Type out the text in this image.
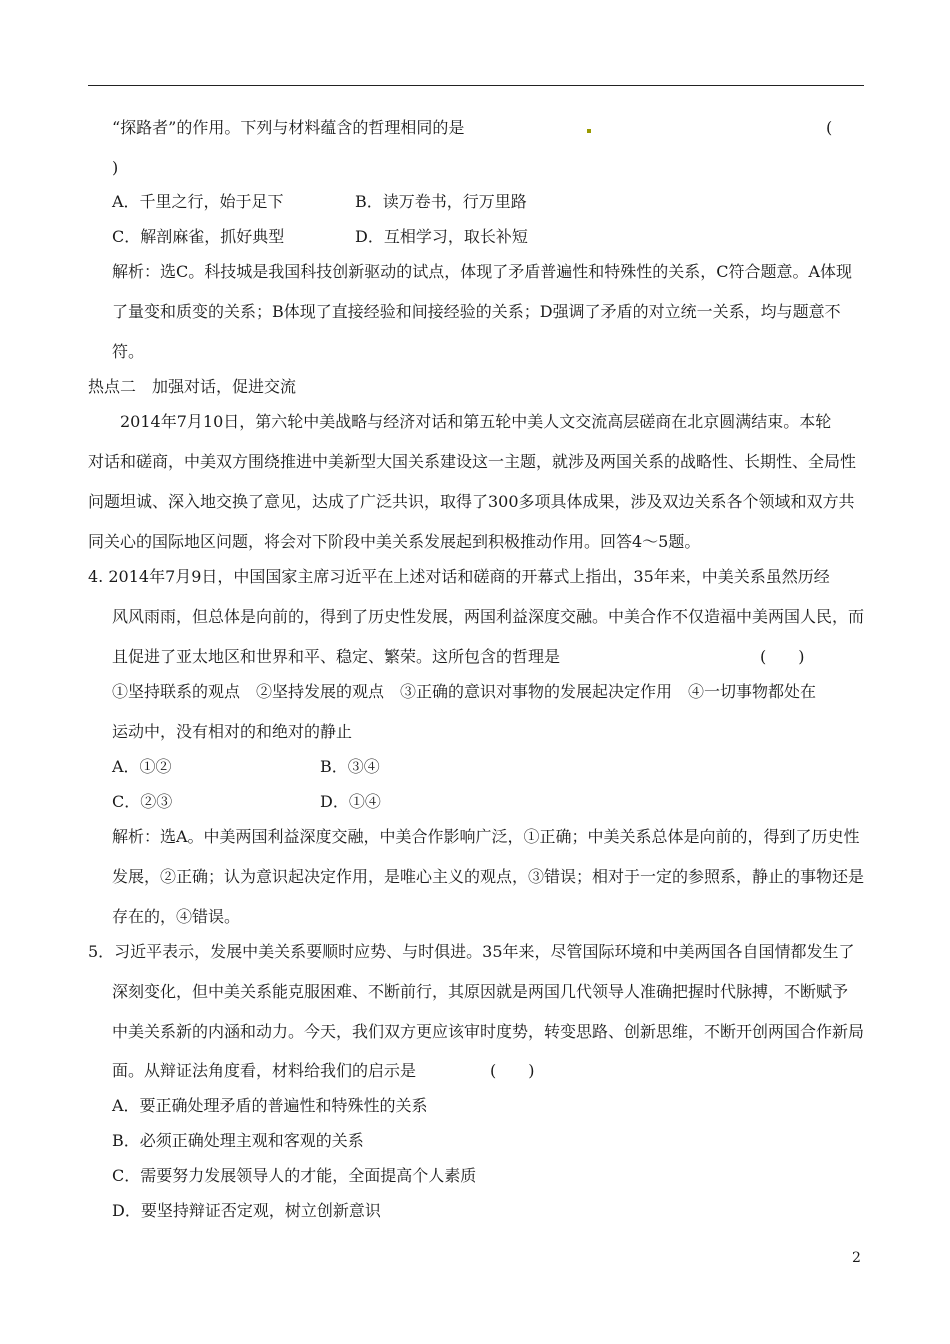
“探路者”的作用。下列与材料蕴含的哲理相同的是	(
)
A．千里之行，始于足下	B．读万卷书，行万里路
C．解剖麻雀，抓好典型	D．互相学习，取长补短
解析：选C。科技城是我国科技创新驱动的试点，体现了矛盾普遍性和特殊性的关系，C符合题意。A体现
了量变和质变的关系；B体现了直接经验和间接经验的关系；D强调了矛盾的对立统一关系，均与题意不
符。
热点二　加强对话，促进交流
2014年7月10日，第六轮中美战略与经济对话和第五轮中美人文交流高层磋商在北京圆满结束。本轮
对话和磋商，中美双方围绕推进中美新型大国关系建设这一主题，就涉及两国关系的战略性、长期性、全局性
问题坦诚、深入地交换了意见，达成了广泛共识，取得了300多项具体成果，涉及双边关系各个领域和双方共
同关心的国际地区问题，将会对下阶段中美关系发展起到积极推动作用。回答4～5题。
4. 2014年7月9日，中国国家主席习近平在上述对话和磋商的开幕式上指出，35年来，中美关系虽然历经
风风雨雨，但总体是向前的，得到了历史性发展，两国利益深度交融。中美合作不仅造福中美两国人民，而
且促进了亚太地区和世界和平、稳定、繁荣。这所包含的哲理是	(　　)
①坚持联系的观点　②坚持发展的观点　③正确的意识对事物的发展起决定作用　④一切事物都处在
运动中，没有相对的和绝对的静止
A．①②	B．③④
C．②③	D．①④
解析：选A。中美两国利益深度交融，中美合作影响广泛，①正确；中美关系总体是向前的，得到了历史性
发展，②正确；认为意识起决定作用，是唯心主义的观点，③错误；相对于一定的参照系，静止的事物还是
存在的，④错误。
5．习近平表示，发展中美关系要顺时应势、与时俱进。35年来，尽管国际环境和中美两国各自国情都发生了
深刻变化，但中美关系能克服困难、不断前行，其原因就是两国几代领导人准确把握时代脉搏，不断赋予
中美关系新的内涵和动力。今天，我们双方更应该审时度势，转变思路、创新思维，不断开创两国合作新局
面。从辩证法角度看，材料给我们的启示是	(　　)
A．要正确处理矛盾的普遍性和特殊性的关系
B．必须正确处理主观和客观的关系
C．需要努力发展领导人的才能，全面提高个人素质
D．要坚持辩证否定观，树立创新意识
2
